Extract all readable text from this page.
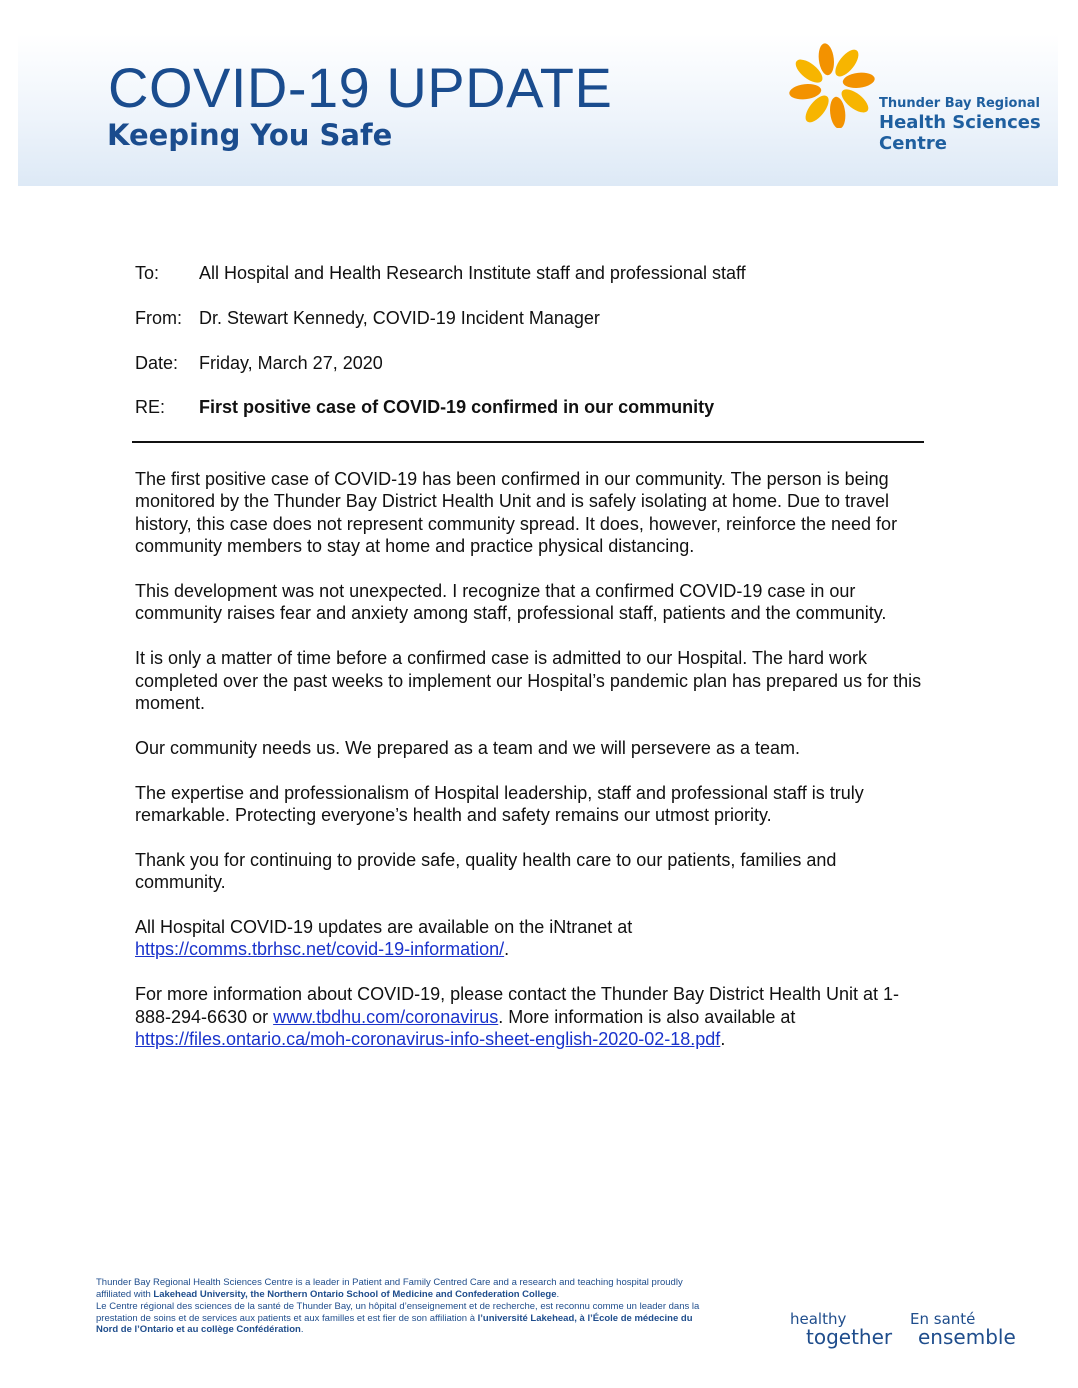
COVID-19 UPDATE
Keeping You Safe
Thunder Bay Regional
Health Sciences
Centre
To:	All Hospital and Health Research Institute staff and professional staff
From: Dr. Stewart Kennedy, COVID-19 Incident Manager
Date:	Friday, March 27, 2020
RE:	First positive case of COVID-19 confirmed in our community

The first positive case of COVID-19 has been confirmed in our community. The person is being monitored by the Thunder Bay District Health Unit and is safely isolating at home. Due to travel history, this case does not represent community spread. It does, however, reinforce the need for community members to stay at home and practice physical distancing.

This development was not unexpected. I recognize that a confirmed COVID-19 case in our community raises fear and anxiety among staff, professional staff, patients and the community.

It is only a matter of time before a confirmed case is admitted to our Hospital. The hard work completed over the past weeks to implement our Hospital’s pandemic plan has prepared us for this moment.

Our community needs us. We prepared as a team and we will persevere as a team.

The expertise and professionalism of Hospital leadership, staff and professional staff is truly remarkable. Protecting everyone’s health and safety remains our utmost priority.

Thank you for continuing to provide safe, quality health care to our patients, families and community.

All Hospital COVID-19 updates are available on the iNtranet at
https://comms.tbrhsc.net/covid-19-information/.

For more information about COVID-19, please contact the Thunder Bay District Health Unit at 1-888-294-6630 or www.tbdhu.com/coronavirus. More information is also available at https://files.ontario.ca/moh-coronavirus-info-sheet-english-2020-02-18.pdf.

Thunder Bay Regional Health Sciences Centre is a leader in Patient and Family Centred Care and a research and teaching hospital proudly affiliated with Lakehead University, the Northern Ontario School of Medicine and Confederation College.

Le Centre régional des sciences de la santé de Thunder Bay, un hôpital d’enseignement et de recherche, est reconnu comme un leader dans la prestation de soins et de services aux patients et aux familles et est fier de son affiliation à l’université Lakehead, à l’École de médecine du Nord de l’Ontario et au collège Confédération.

healthy
together
En santé
ensemble
